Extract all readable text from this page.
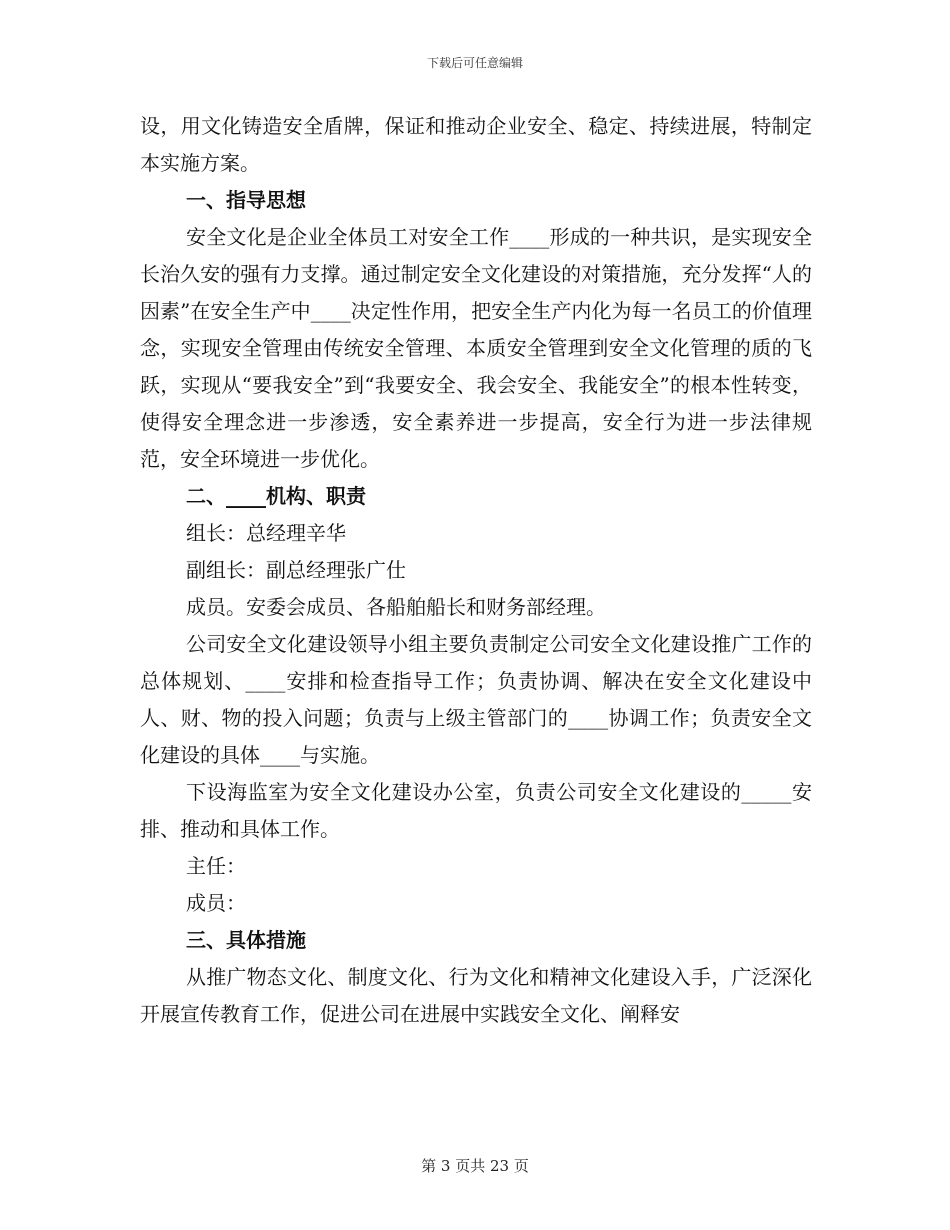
下载后可任意编辑

设，用文化铸造安全盾牌，保证和推动企业安全、稳定、持续进展，特制定本实施方案。

一、指导思想

安全文化是企业全体员工对安全工作____形成的一种共识，是实现安全长治久安的强有力支撑。通过制定安全文化建设的对策措施，充分发挥“人的因素”在安全生产中____决定性作用，把安全生产内化为每一名员工的价值理念，实现安全管理由传统安全管理、本质安全管理到安全文化管理的质的飞跃，实现从“要我安全”到“我要安全、我会安全、我能安全”的根本性转变，使得安全理念进一步渗透，安全素养进一步提高，安全行为进一步法律规范，安全环境进一步优化。

二、____机构、职责

组长：总经理辛华

副组长：副总经理张广仕

成员。安委会成员、各船舶船长和财务部经理。

公司安全文化建设领导小组主要负责制定公司安全文化建设推广工作的总体规划、____安排和检查指导工作；负责协调、解决在安全文化建设中人、财、物的投入问题；负责与上级主管部门的____协调工作；负责安全文化建设的具体____与实施。

下设海监室为安全文化建设办公室，负责公司安全文化建设的_____安排、推动和具体工作。

主任：

成员：

三、具体措施

从推广物态文化、制度文化、行为文化和精神文化建设入手，广泛深化开展宣传教育工作，促进公司在进展中实践安全文化、阐释安

第 3 页共 23 页
